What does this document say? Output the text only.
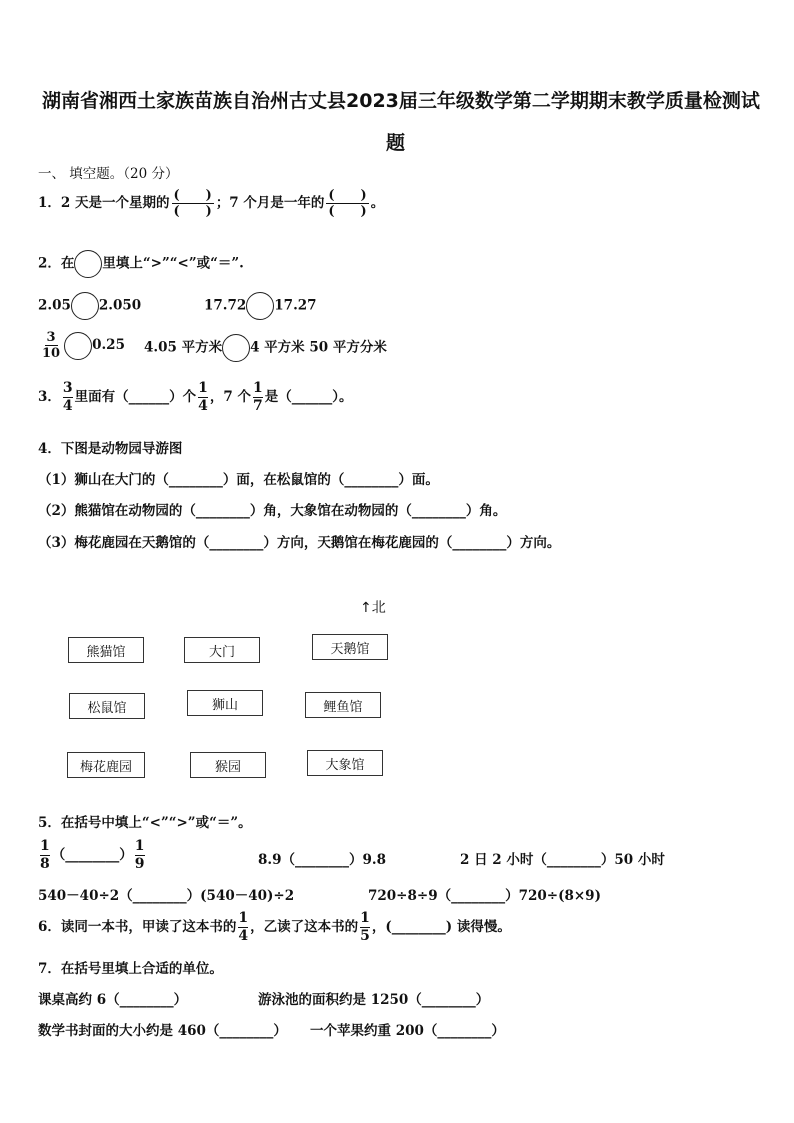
湖南省湘西土家族苗族自治州古丈县2023届三年级数学第二学期期末教学质量检测试
题
一、 填空题。（20 分）
1．2 天是一个星期的 $\frac{( )}{( )}$ ；7 个月是一年的 $\frac{( )}{( )}$ 。
2．在 里填上“>”“<”或“＝”.
2.05 2.050	17.72 17.27
$\frac{3}{10} 0.25$ 4.05 平方米 4 平方米 50 平方分米
3． $\frac{3}{4}$ 里面有（______）个 $\frac{1}{4}$ ，7 个 $\frac{1}{7}$ 是（______）。
4．下图是动物园导游图
（1）狮山在大门的（________）面，在松鼠馆的（________）面。
（2）熊猫馆在动物园的（________）角，大象馆在动物园的（________）角。
（3）梅花鹿园在天鹅馆的（________）方向，天鹅馆在梅花鹿园的（________）方向。
↑北
熊猫馆	大门	天鹅馆
松鼠馆	狮山	鲤鱼馆
梅花鹿园	猴园	大象馆
5．在括号中填上“<”“>”或“＝”。
$\frac{1}{8}$ （________） $\frac{1}{9}$	8.9（________）9.8	2 日 2 小时（________）50 小时
540－40÷2（________）(540－40)÷2	720÷8÷9（________）720÷(8×9)
6．读同一本书，甲读了这本书的 $\frac{1}{4}$ ，乙读了这本书的 $\frac{1}{5}$ ，(________) 读得慢。
7．在括号里填上合适的单位。
课桌高约 6（________）	游泳池的面积约是 1250（________）
数学书封面的大小约是 460（________） 一个苹果约重 200（________）
